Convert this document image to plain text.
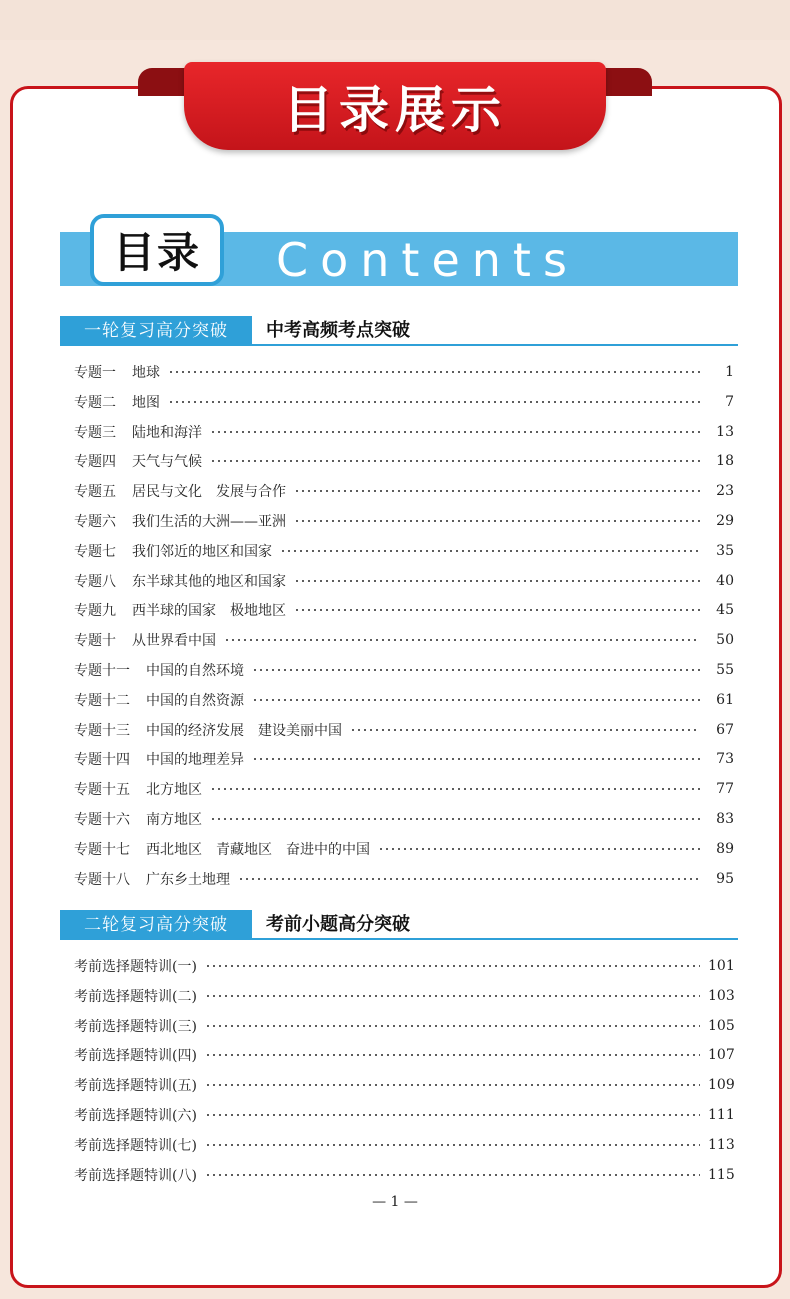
目录展示
目录 Contents
一轮复习高分突破	中考高频考点突破
专题一 地球	1
专题二 地图	7
专题三 陆地和海洋	13
专题四 天气与气候	18
专题五 居民与文化　发展与合作	23
专题六 我们生活的大洲——亚洲	29
专题七 我们邻近的地区和国家	35
专题八 东半球其他的地区和国家	40
专题九 西半球的国家　极地地区	45
专题十 从世界看中国	50
专题十一 中国的自然环境	55
专题十二 中国的自然资源	61
专题十三 中国的经济发展　建设美丽中国	67
专题十四 中国的地理差异	73
专题十五 北方地区	77
专题十六 南方地区	83
专题十七 西北地区　青藏地区　奋进中的中国	89
专题十八 广东乡土地理	95
二轮复习高分突破	考前小题高分突破
考前选择题特训(一)	101
考前选择题特训(二)	103
考前选择题特训(三)	105
考前选择题特训(四)	107
考前选择题特训(五)	109
考前选择题特训(六)	111
考前选择题特训(七)	113
考前选择题特训(八)	115
— 1 —
